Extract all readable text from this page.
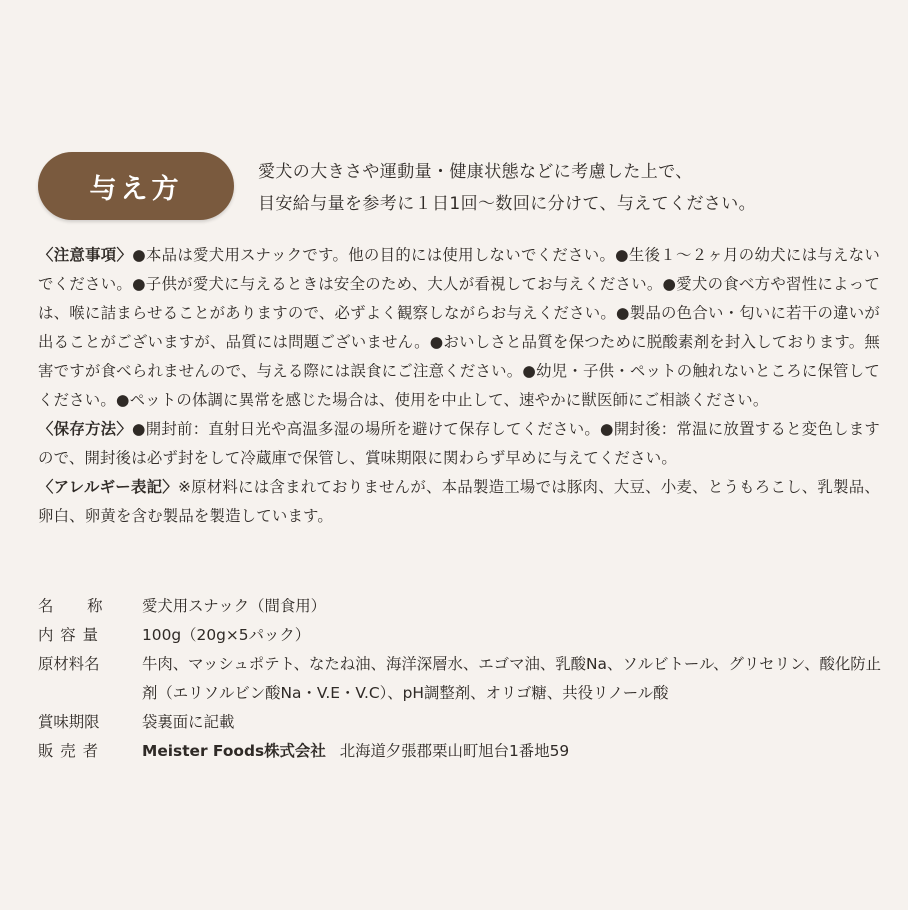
与え方
愛犬の大きさや運動量・健康状態などに考慮した上で、
目安給与量を参考に１日1回〜数回に分けて、与えてください。

〈注意事項〉●本品は愛犬用スナックです。他の目的には使用しないでください。●生後１〜２ヶ月の幼犬には与えないでください。●子供が愛犬に与えるときは安全のため、大人が看視してお与えください。●愛犬の食べ方や習性によっては、喉に詰まらせることがありますので、必ずよく観察しながらお与えください。●製品の色合い・匂いに若干の違いが出ることがございますが、品質には問題ございません。●おいしさと品質を保つために脱酸素剤を封入しております。無害ですが食べられませんので、与える際には誤食にご注意ください。●幼児・子供・ペットの触れないところに保管してください。●ペットの体調に異常を感じた場合は、使用を中止して、速やかに獣医師にご相談ください。

〈保存方法〉●開封前：直射日光や高温多湿の場所を避けて保存してください。●開封後：常温に放置すると変色しますので、開封後は必ず封をして冷蔵庫で保管し、賞味期限に関わらず早めに与えてください。

〈アレルギー表記〉※原材料には含まれておりませんが、本品製造工場では豚肉、大豆、小麦、とうもろこし、乳製品、卵白、卵黄を含む製品を製造しています。

名　　称	愛犬用スナック（間食用）
内 容 量	100g（20g×5パック）
原材料名	牛肉、マッシュポテト、なたね油、海洋深層水、エゴマ油、乳酸Na、ソルビトール、グリセリン、酸化防止剤（エリソルビン酸Na・V.E・V.C）、pH調整剤、オリゴ糖、共役リノール酸
賞味期限	袋裏面に記載
販 売 者	Meister Foods株式会社 北海道夕張郡栗山町旭台1番地59
